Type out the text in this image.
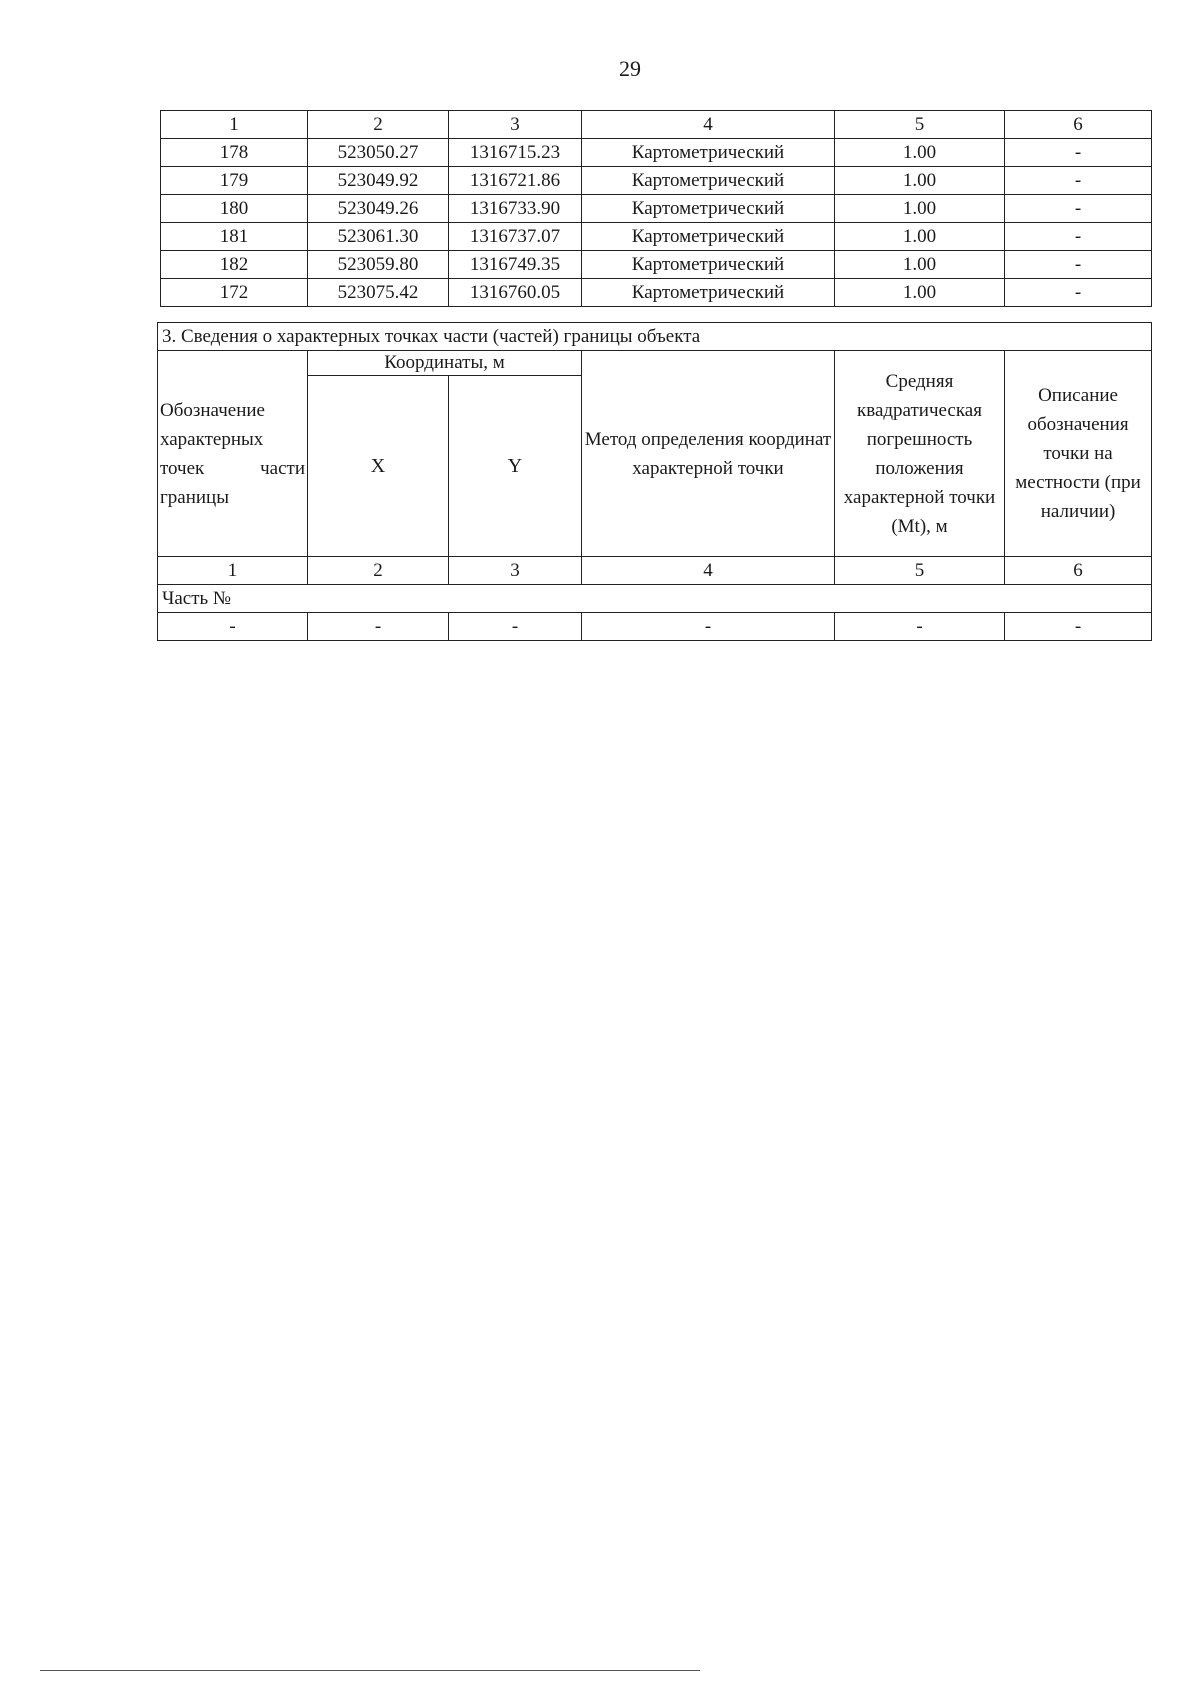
29
1	2	3	4	5	6
178	523050.27	1316715.23	Картометрический	1.00	-
179	523049.92	1316721.86	Картометрический	1.00	-
180	523049.26	1316733.90	Картометрический	1.00	-
181	523061.30	1316737.07	Картометрический	1.00	-
182	523059.80	1316749.35	Картометрический	1.00	-
172	523075.42	1316760.05	Картометрический	1.00	-
3. Сведения о характерных точках части (частей) границы объекта					
Обозначение характерных точек части границы	Координаты, м		Метод определения координат характерной точки	Средняя квадратическая погрешность положения характерной точки (Mt), м	Описание обозначения точки на местности (при наличии)
	X	Y			
1	2	3	4	5	6
Часть №					
-	-	-	-	-	-
